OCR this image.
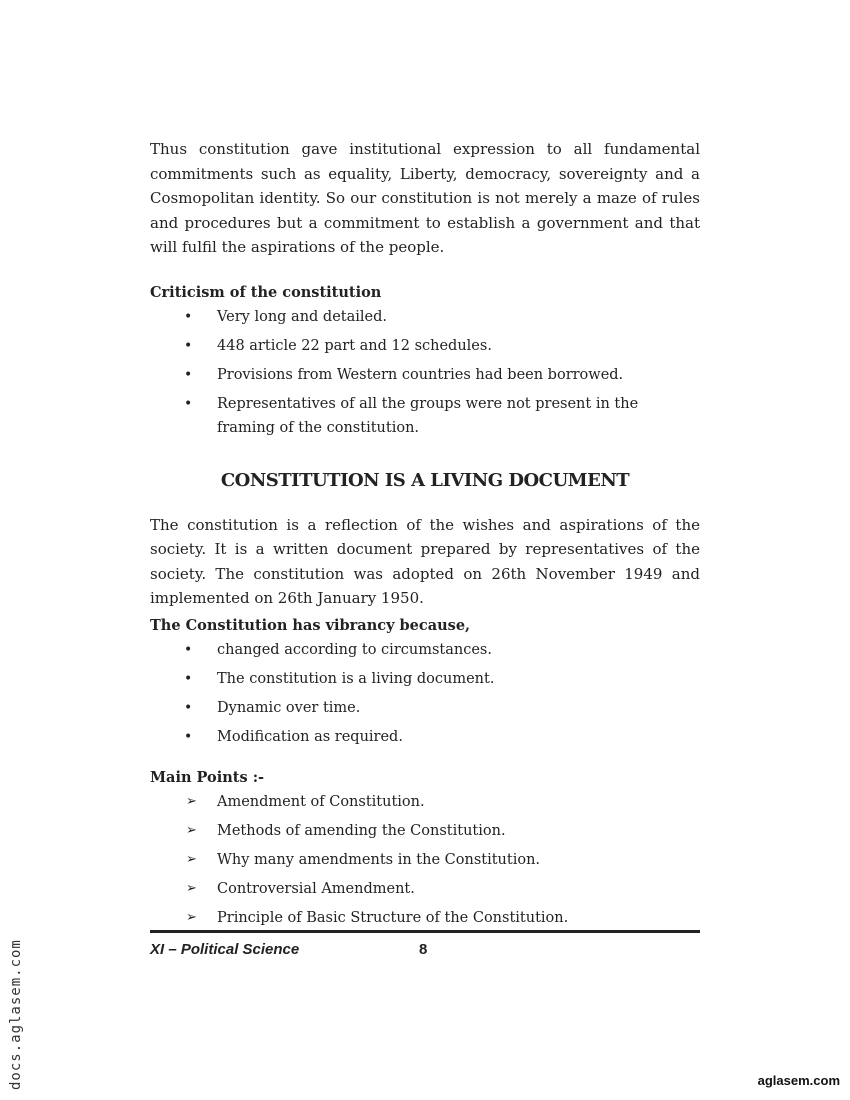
Thus constitution gave institutional expression to all fundamental commitments such as equality, Liberty, democracy, sovereignty and a Cosmopolitan identity. So our constitution is not merely a maze of rules and procedures but a commitment to establish a government and that will fulfil the aspirations of the people.

Criticism of the constitution
• Very long and detailed.
• 448 article 22 part and 12 schedules.
• Provisions from Western countries had been borrowed.
• Representatives of all the groups were not present in the framing of the constitution.
CONSTITUTION IS A LIVING DOCUMENT

The constitution is a reflection of the wishes and aspirations of the society. It is a written document prepared by representatives of the society. The constitution was adopted on 26th November 1949 and implemented on 26th January 1950.

The Constitution has vibrancy because,
• changed according to circumstances.
• The constitution is a living document.
• Dynamic over time.
• Modification as required.
Main Points :-
➢ Amendment of Constitution.
➢ Methods of amending the Constitution.
➢ Why many amendments in the Constitution.
➢ Controversial Amendment.
➢ Principle of Basic Structure of the Constitution.
XI – Political Science	8
docs.aglasem.com	aglasem.com
